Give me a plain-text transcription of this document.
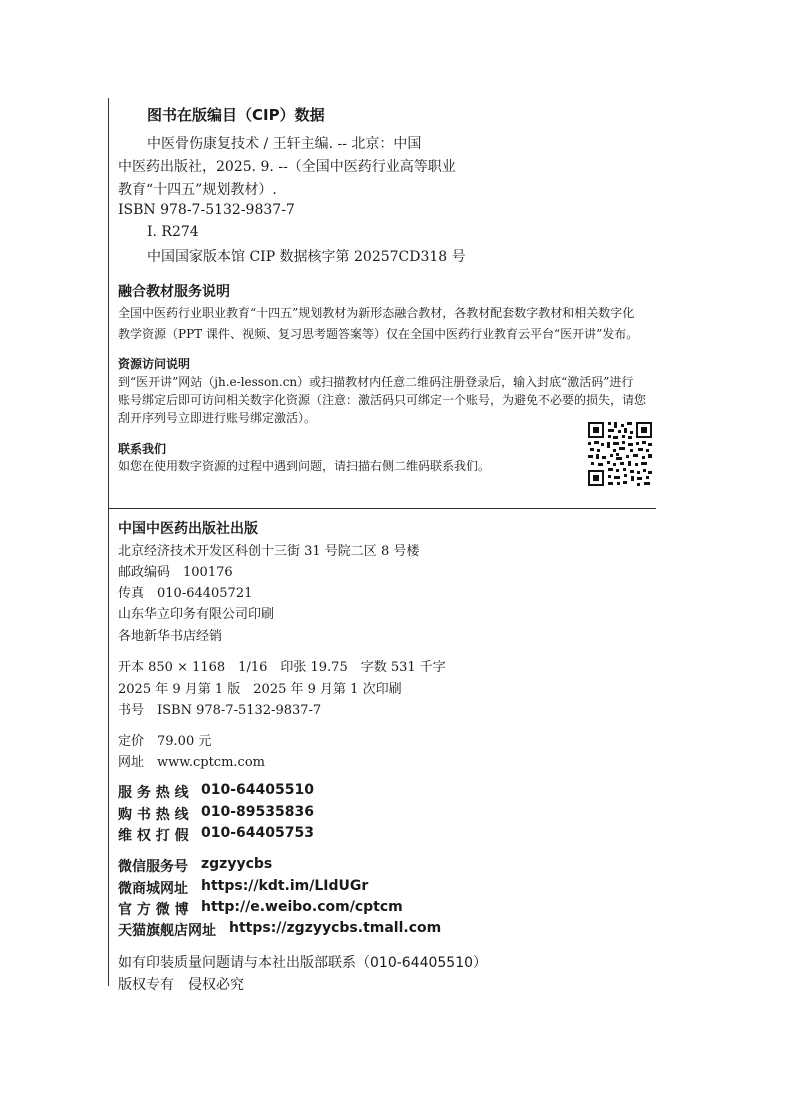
图书在版编目（CIP）数据
中医骨伤康复技术 / 王轩主编. -- 北京：中国
中医药出版社，2025. 9. --（全国中医药行业高等职业
教育“十四五”规划教材）.
ISBN 978-7-5132-9837-7
Ⅰ. R274
中国国家版本馆 CIP 数据核字第 20257CD318 号
融合教材服务说明
全国中医药行业职业教育“十四五”规划教材为新形态融合教材，各教材配套数字教材和相关数字化
教学资源（PPT 课件、视频、复习思考题答案等）仅在全国中医药行业教育云平台“医开讲”发布。
资源访问说明
到“医开讲”网站（jh.e-lesson.cn）或扫描教材内任意二维码注册登录后，输入封底“激活码”进行
账号绑定后即可访问相关数字化资源（注意：激活码只可绑定一个账号，为避免不必要的损失，请您
刮开序列号立即进行账号绑定激活）。
联系我们
如您在使用数字资源的过程中遇到问题，请扫描右侧二维码联系我们。
中国中医药出版社出版
北京经济技术开发区科创十三街 31 号院二区 8 号楼
邮政编码　100176
传真　010-64405721
山东华立印务有限公司印刷
各地新华书店经销
开本 850 × 1168　1/16　印张 19.75　字数 531 千字
2025 年 9 月第 1 版　2025 年 9 月第 1 次印刷
书号　ISBN 978-7-5132-9837-7
定价　79.00 元
网址　www.cptcm.com
服 务 热 线 010-64405510
购 书 热 线 010-89535836
维 权 打 假 010-64405753
微信服务号 zgzyycbs
微商城网址 https://kdt.im/LIdUGr
官 方 微 博 http://e.weibo.com/cptcm
天猫旗舰店网址 https://zgzyycbs.tmall.com
如有印装质量问题请与本社出版部联系（010-64405510）
版权专有　侵权必究
